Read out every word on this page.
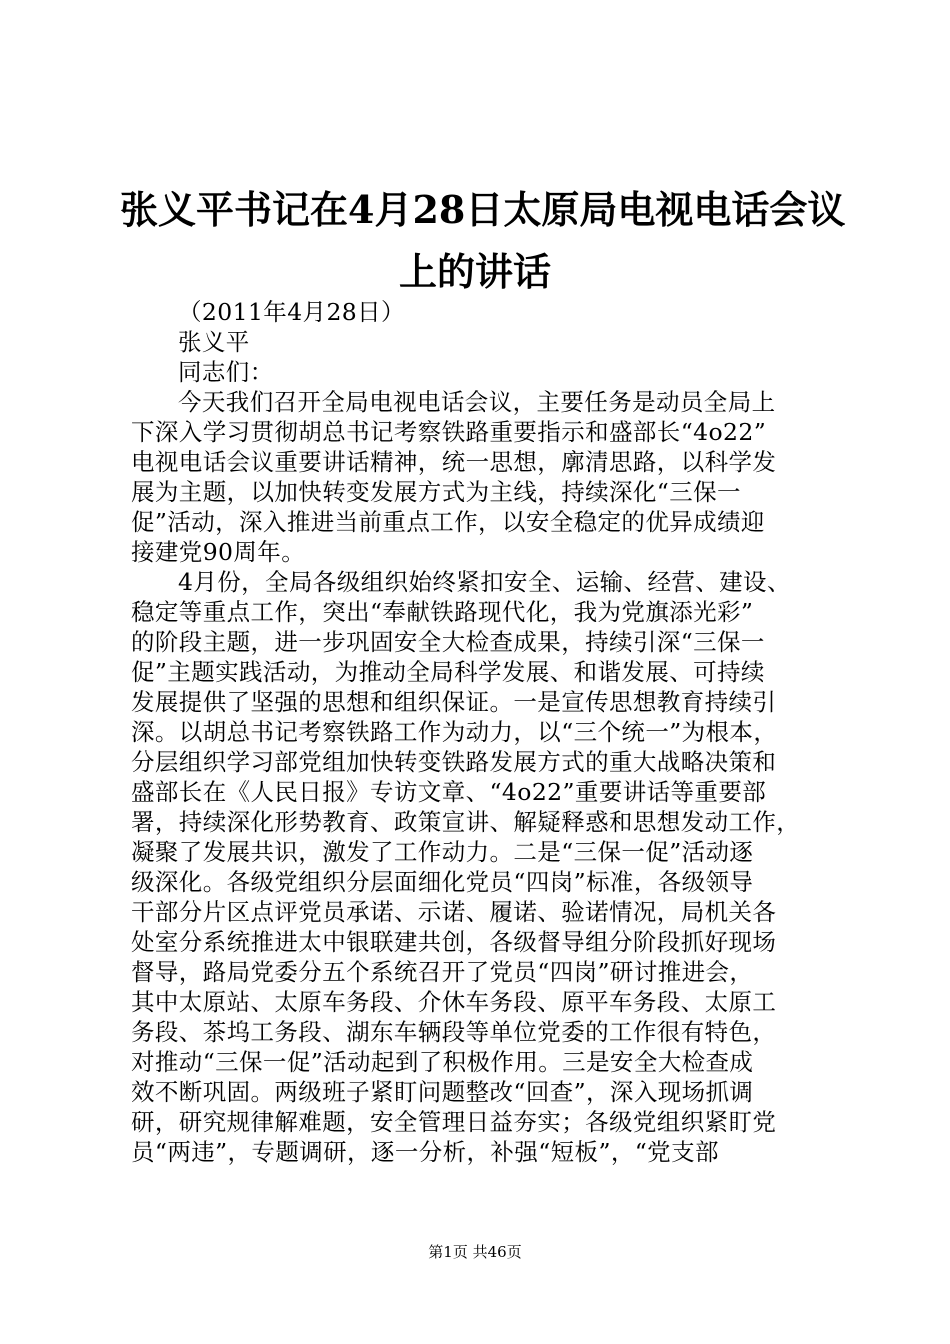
张义平书记在4月28日太原局电视电话会议
上的讲话
（2011年4月28日）
张义平
同志们：
今天我们召开全局电视电话会议，主要任务是动员全局上
下深入学习贯彻胡总书记考察铁路重要指示和盛部长“4o22”
电视电话会议重要讲话精神，统一思想，廓清思路，以科学发
展为主题，以加快转变发展方式为主线，持续深化“三保一
促”活动，深入推进当前重点工作，以安全稳定的优异成绩迎
接建党90周年。
4月份，全局各级组织始终紧扣安全、运输、经营、建设、
稳定等重点工作，突出“奉献铁路现代化，我为党旗添光彩”
的阶段主题，进一步巩固安全大检查成果，持续引深“三保一
促”主题实践活动，为推动全局科学发展、和谐发展、可持续
发展提供了坚强的思想和组织保证。一是宣传思想教育持续引
深。以胡总书记考察铁路工作为动力，以“三个统一”为根本，
分层组织学习部党组加快转变铁路发展方式的重大战略决策和
盛部长在《人民日报》专访文章、“4o22”重要讲话等重要部
署，持续深化形势教育、政策宣讲、解疑释惑和思想发动工作，
凝聚了发展共识，激发了工作动力。二是“三保一促”活动逐
级深化。各级党组织分层面细化党员“四岗”标准，各级领导
干部分片区点评党员承诺、示诺、履诺、验诺情况，局机关各
处室分系统推进太中银联建共创，各级督导组分阶段抓好现场
督导，路局党委分五个系统召开了党员“四岗”研讨推进会，
其中太原站、太原车务段、介休车务段、原平车务段、太原工
务段、茶坞工务段、湖东车辆段等单位党委的工作很有特色，
对推动“三保一促”活动起到了积极作用。三是安全大检查成
效不断巩固。两级班子紧盯问题整改“回查”，深入现场抓调
研，研究规律解难题，安全管理日益夯实；各级党组织紧盯党
员“两违”，专题调研，逐一分析，补强“短板”，“党支部
第1页 共46页
